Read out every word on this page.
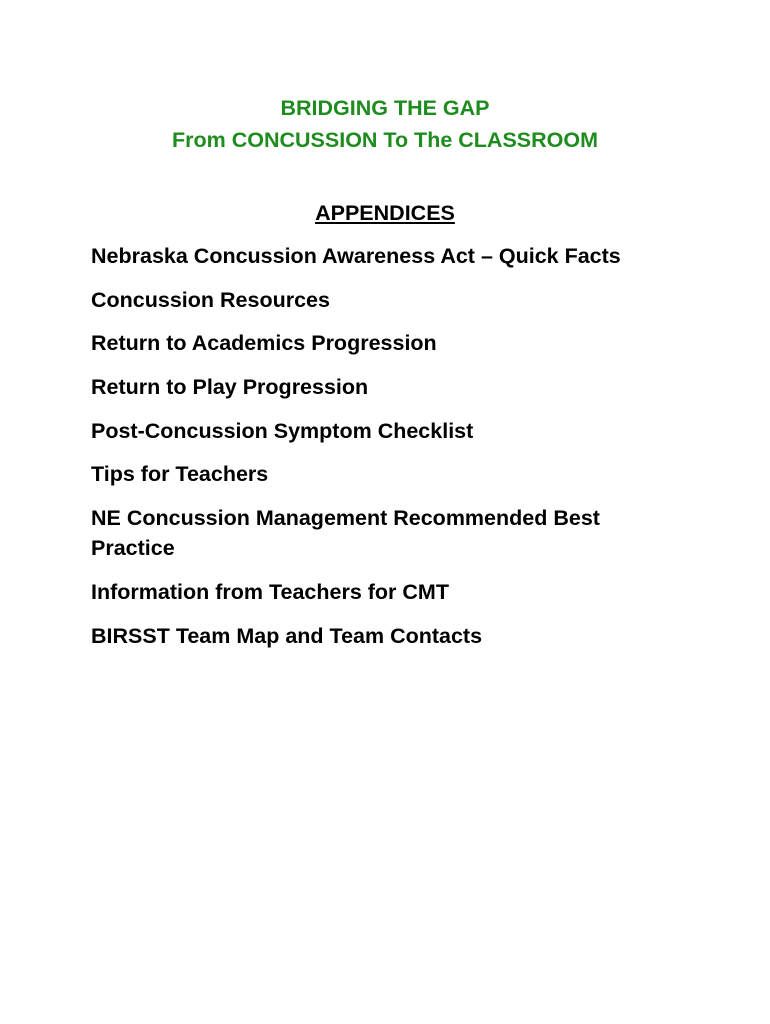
BRIDGING THE GAP
From CONCUSSION To The CLASSROOM
APPENDICES
Nebraska Concussion Awareness Act – Quick Facts
Concussion Resources
Return to Academics Progression
Return to Play Progression
Post-Concussion Symptom Checklist
Tips for Teachers
NE Concussion Management Recommended Best Practice
Information from Teachers for CMT
BIRSST Team Map and Team Contacts
